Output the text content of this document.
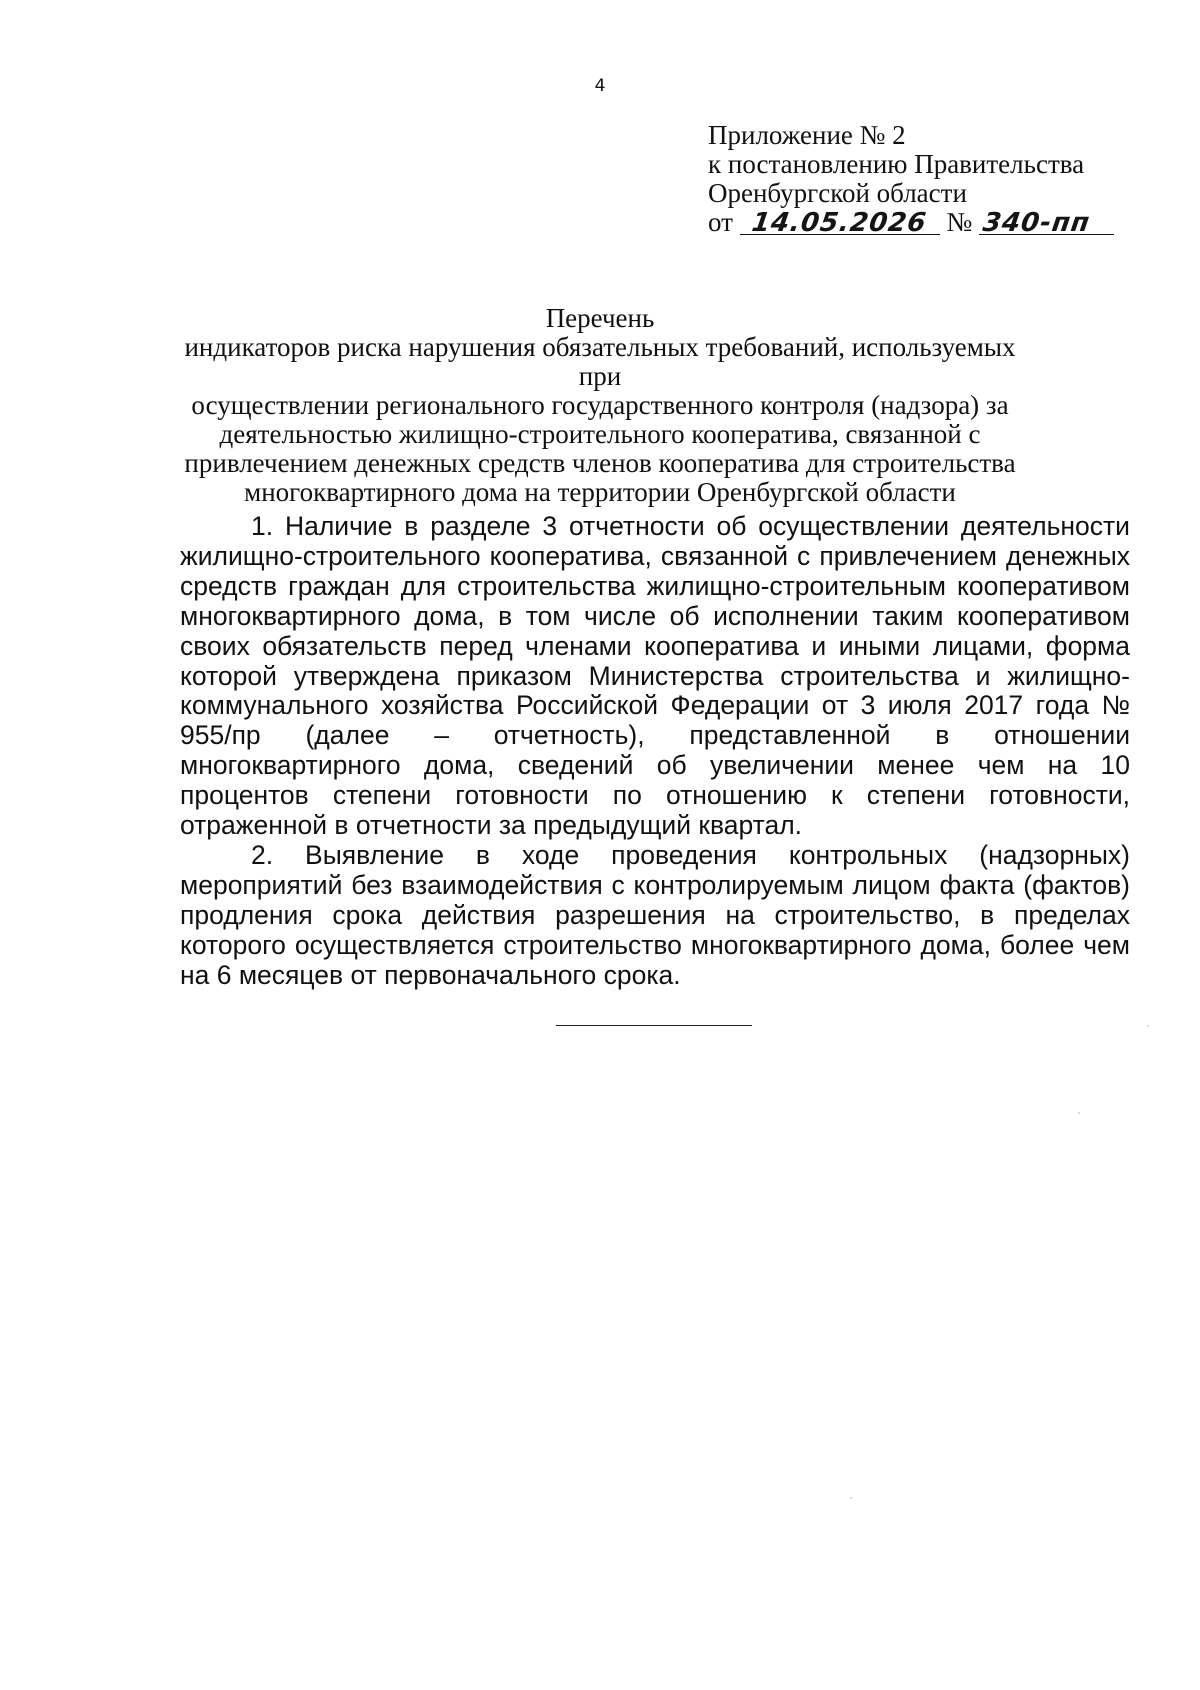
4
Приложение № 2
к постановлению Правительства
Оренбургской области
от 14.05.2026 № 340-пп
Перечень
индикаторов риска нарушения обязательных требований, используемых при
осуществлении регионального государственного контроля (надзора) за
деятельностью жилищно-строительного кооператива, связанной с
привлечением денежных средств членов кооператива для строительства
многоквартирного дома на территории Оренбургской области

1. Наличие в разделе 3 отчетности об осуществлении деятельности жилищно-строительного кооператива, связанной с привлечением денежных средств граждан для строительства жилищно-строительным кооперативом многоквартирного дома, в том числе об исполнении таким кооперативом своих обязательств перед членами кооператива и иными лицами, форма которой утверждена приказом Министерства строительства и жилищно-коммунального хозяйства Российской Федерации от 3 июля 2017 года № 955/пр (далее – отчетность), представленной в отношении многоквартирного дома, сведений об увеличении менее чем на 10 процентов степени готовности по отношению к степени готовности, отраженной в отчетности за предыдущий квартал.

2. Выявление в ходе проведения контрольных (надзорных) мероприятий без взаимодействия с контролируемым лицом факта (фактов) продления срока действия разрешения на строительство, в пределах которого осуществляется строительство многоквартирного дома, более чем на 6 месяцев от первоначального срока.
